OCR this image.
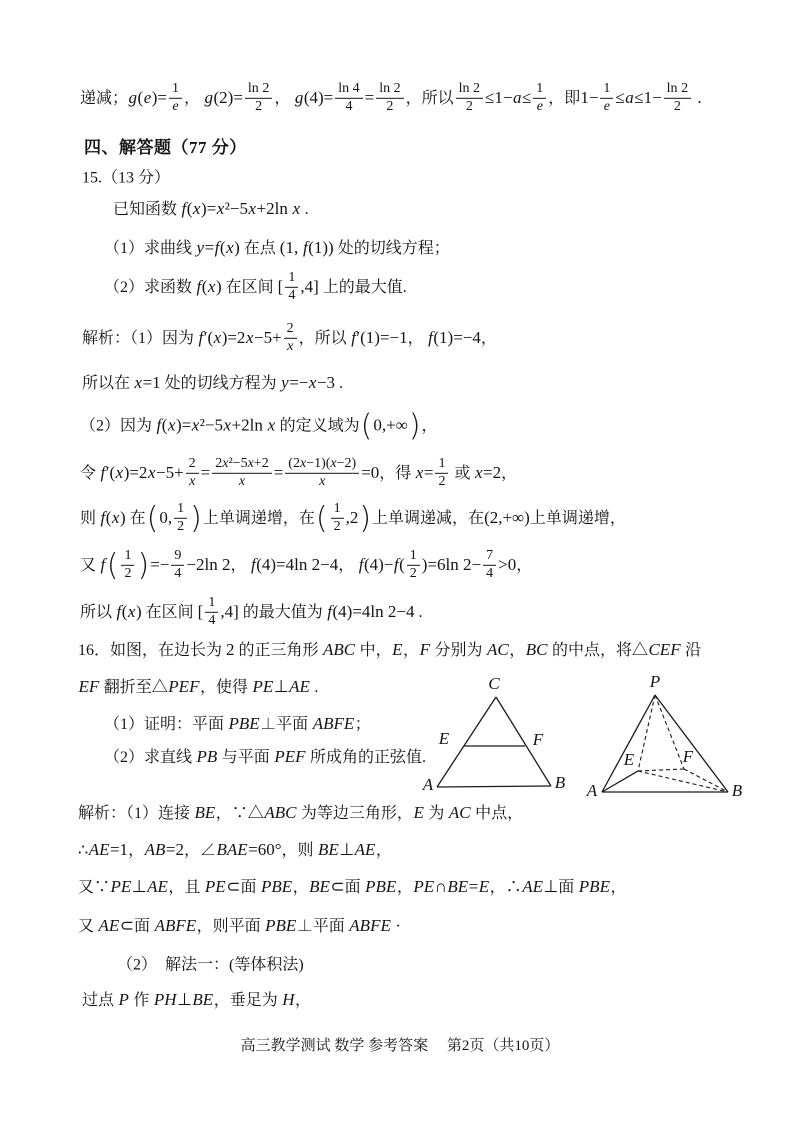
递减； $g(e)= \frac{1}{e}$ ， $g(2)= \frac{\ln 2}{2}$ ， $g(4)= \frac{\ln 4}{4} = \frac{\ln 2}{2}$ ，所以 $\frac{\ln 2}{2} \le 1-a\le \frac{1}{e}$ ，即 $1- \frac{1}{e} \le a\le 1- \frac{\ln 2}{2}$ .
四、解答题（77 分）
15.（13 分）
已知函数 f(x)=x²−5x+2ln x .
（1）求曲线 y=f(x) 在点 (1, f(1)) 处的切线方程；
（2）求函数 f(x) 在区间 [ $\frac{1}{4} ,4$] 上的最大值.
解析：（1）因为 $f'(x)=2x-5+ \frac{2}{x}$ ，所以 f′(1)=−1 ， f(1)=−4 ，
所以在 x=1 处的切线方程为 y=−x−3 .
（2）因为 f(x)=x²−5x+2ln x 的定义域为 ( 0,+∞ ) ，
令 $f'(x)=2x-5+ \frac{2}{x} = \frac{\text{2x²−5x+2}}{x} = \frac{(2x-1)(x-2)}{x} =0$ ，得 $x= \frac{1}{2}$ 或 x=2 ，
则 f(x) 在 ( 0, $\frac{1}{2}$ ) 上单调递增，在 ( $\frac{1}{2} ,2$ ) 上单调递减，在 (2,+∞) 上单调递增，
又 f ( $\frac{1}{2}$ ) =− $\frac{9}{4} -2\ln$ 2 ， f(4)=4ln 2−4 ， $f(4)-f( \frac{1}{2} )=6\ln$ $2- \frac{7}{4} >0$ ，
所以 f(x) 在区间 [ $\frac{1}{4} ,4$] 的最大值为 f(4)=4ln 2−4 .
16．如图，在边长为 2 的正三角形 ABC 中， E ， F 分别为 AC ， BC 的中点，将△ CEF 沿
EF 翻折至△ PEF ，使得 PE⊥AE .
（1）证明：平面 PBE ⊥平面 ABFE ；
（2）求直线 PB 与平面 PEF 所成角的正弦值.
解析：（1）连接 BE ，∵△ ABC 为等边三角形， E 为 AC 中点，
∴ AE=1 ， AB=2 ，∠ BAE=60° ，则 BE⊥AE ，
又∵ PE⊥AE ，且 PE⊂ 面 PBE ， BE⊂ 面 PBE ， PE∩BE=E ，∴ AE⊥ 面 PBE ，
又 AE⊂ 面 ABFE ，则平面 PBE ⊥平面 ABFE ·
（2）　解法一：(等体积法)
过点 P 作 PH⊥BE ，垂足为 H ，
A	B
C
E	F
P
A	B
E	F
高三教学测试 数学 参考答案　 第2页（共10页）
